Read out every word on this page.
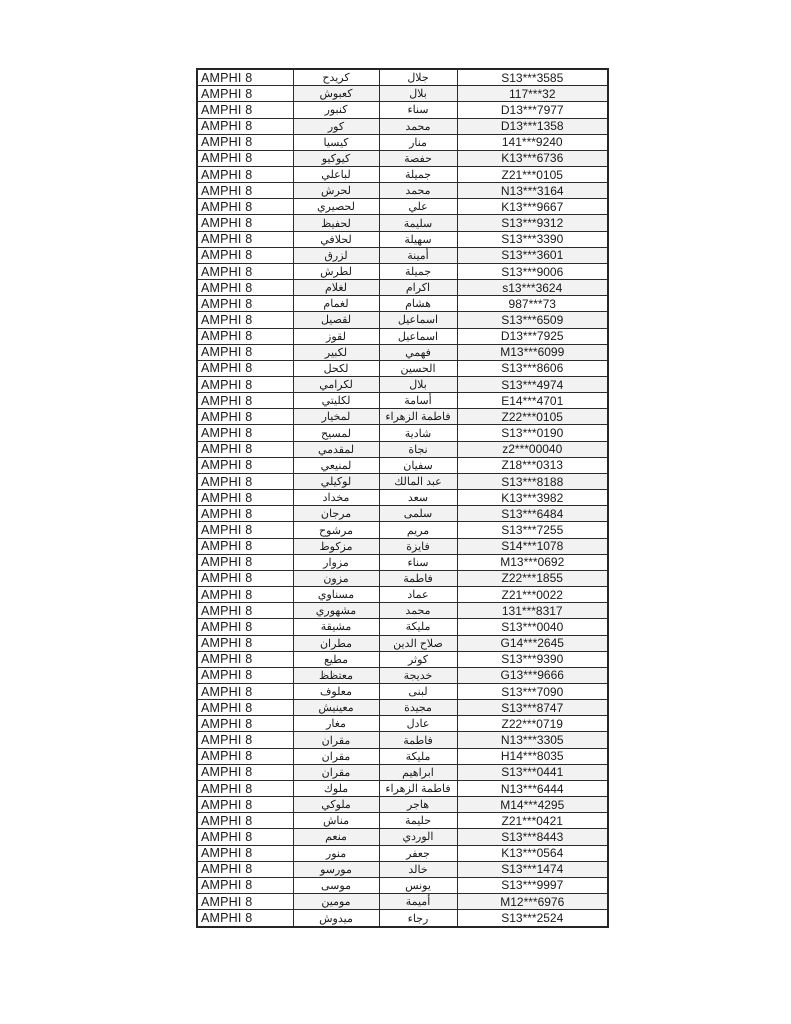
AMPHI 8	كريدح	جلال	S13***3585
AMPHI 8	كعبوش	بلال	117***32
AMPHI 8	كنبور	سناء	D13***7977
AMPHI 8	كور	محمد	D13***1358
AMPHI 8	كيسيا	منار	141***9240
AMPHI 8	كيوكيو	حفصة	K13***6736
AMPHI 8	لباعلي	جميلة	Z21***0105
AMPHI 8	لحرش	محمد	N13***3164
AMPHI 8	لحصيري	علي	K13***9667
AMPHI 8	لحفيظ	سليمة	S13***9312
AMPHI 8	لحلافي	سهيلة	S13***3390
AMPHI 8	لزرق	أمينة	S13***3601
AMPHI 8	لطرش	جميلة	S13***9006
AMPHI 8	لغلام	اكرام	s13***3624
AMPHI 8	لغمام	هشام	987***73
AMPHI 8	لقصيل	اسماعيل	S13***6509
AMPHI 8	لقوز	اسماعيل	D13***7925
AMPHI 8	لكبير	فهمي	M13***6099
AMPHI 8	لكحل	الحسين	S13***8606
AMPHI 8	لكرامي	بلال	S13***4974
AMPHI 8	لكليتي	أسامة	E14***4701
AMPHI 8	لمخيار	فاطمة الزهراء	Z22***0105
AMPHI 8	لمسيح	شادية	S13***0190
AMPHI 8	لمقدمي	نجاة	z2***00040
AMPHI 8	لمنيعي	سفيان	Z18***0313
AMPHI 8	لوكيلي	عبد المالك	S13***8188
AMPHI 8	مخداد	سعد	K13***3982
AMPHI 8	مرجان	سلمى	S13***6484
AMPHI 8	مرشوح	مريم	S13***7255
AMPHI 8	مزكوط	فايزة	S14***1078
AMPHI 8	مزوار	سناء	M13***0692
AMPHI 8	مزون	فاطمة	Z22***1855
AMPHI 8	مسناوي	عماد	Z21***0022
AMPHI 8	مشهوري	محمد	131***8317
AMPHI 8	مشيقة	مليكة	S13***0040
AMPHI 8	مطران	صلاح الدين	G14***2645
AMPHI 8	مطيع	كوثر	S13***9390
AMPHI 8	معتظظ	خديجة	G13***9666
AMPHI 8	معلوف	لبنى	S13***7090
AMPHI 8	معينيش	مجيدة	S13***8747
AMPHI 8	مغار	عادل	Z22***0719
AMPHI 8	مقران	فاطمة	N13***3305
AMPHI 8	مقران	مليكة	H14***8035
AMPHI 8	مقران	ابراهيم	S13***0441
AMPHI 8	ملوك	فاطمة الزهراء	N13***6444
AMPHI 8	ملوكي	هاجر	M14***4295
AMPHI 8	مناش	حليمة	Z21***0421
AMPHI 8	منعم	الوردي	S13***8443
AMPHI 8	منور	جعفر	K13***0564
AMPHI 8	مورسو	خالد	S13***1474
AMPHI 8	موسى	يونس	S13***9997
AMPHI 8	مومين	أميمة	M12***6976
AMPHI 8	ميدوش	رجاء	S13***2524
